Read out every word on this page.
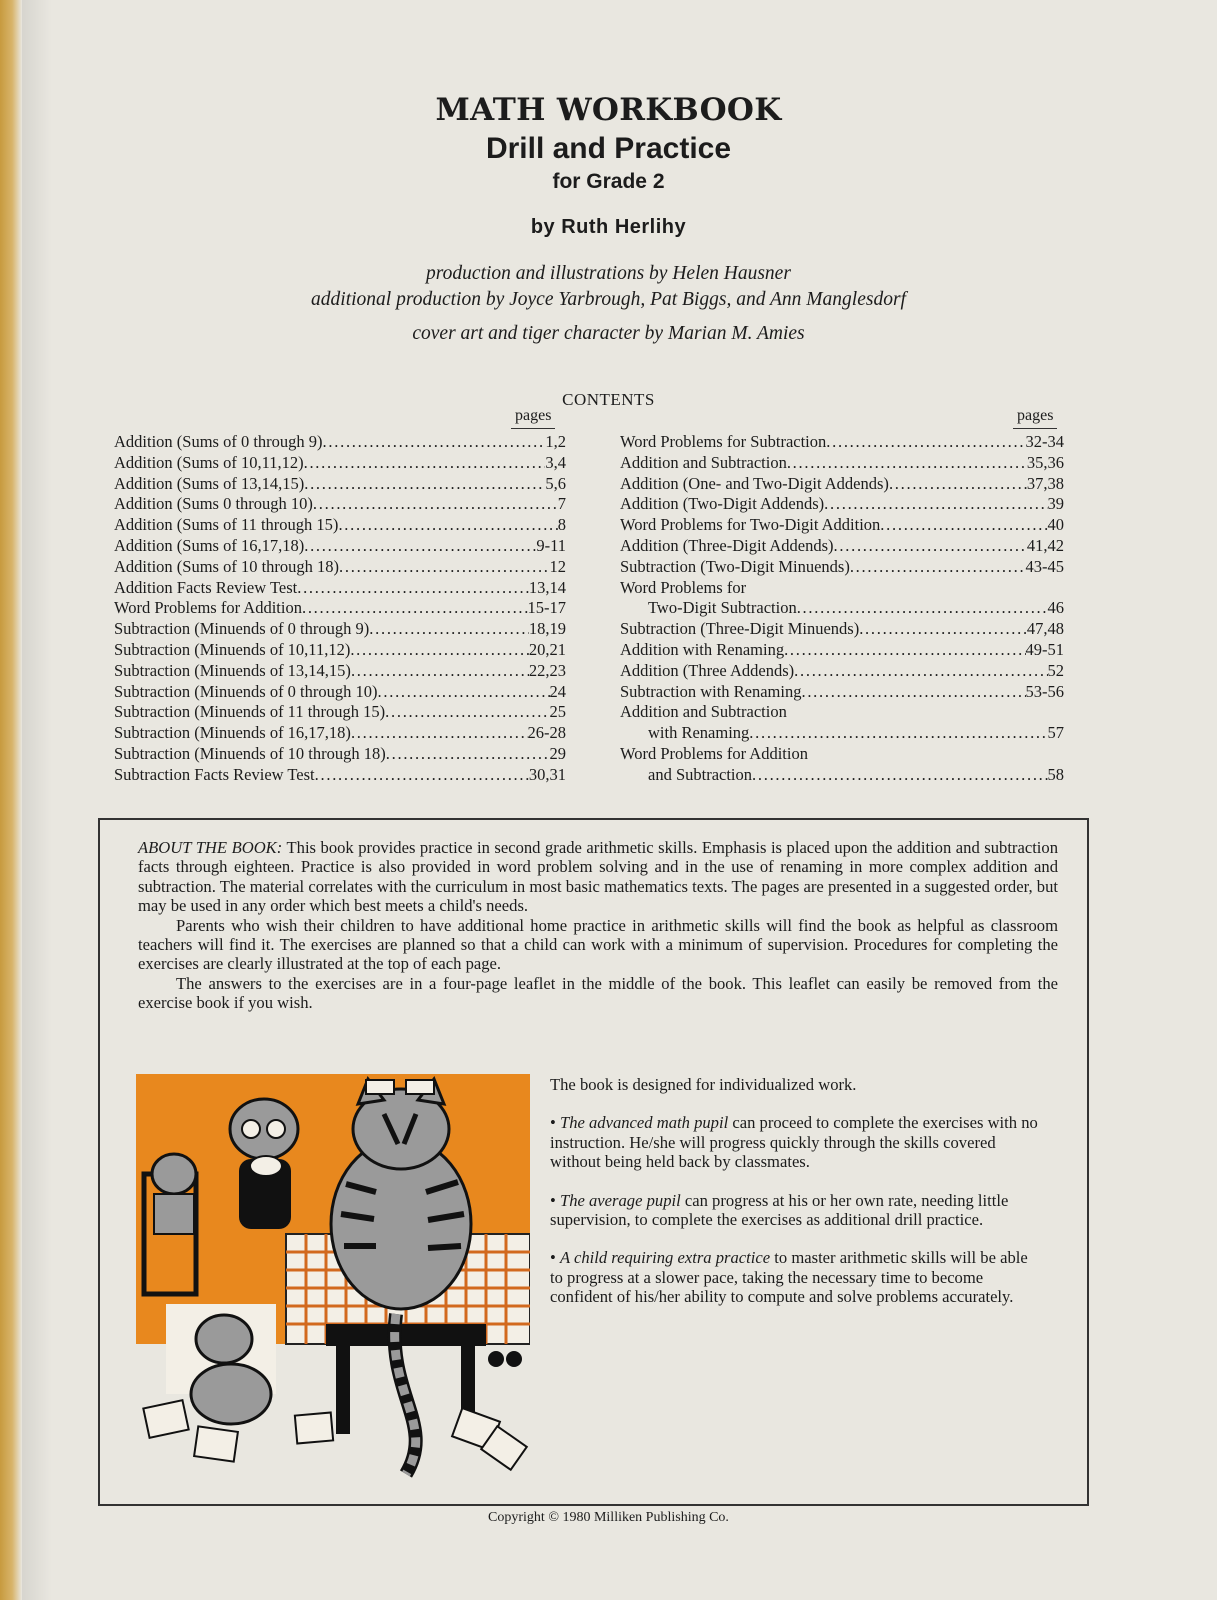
MATH WORKBOOK
Drill and Practice
for Grade 2
by Ruth Herlihy
production and illustrations by Helen Hausner
additional production by Joyce Yarbrough, Pat Biggs, and Ann Manglesdorf
cover art and tiger character by Marian M. Amies
CONTENTS
pages
Addition (Sums of 0 through 9) . . .	1,2
Addition (Sums of 10,11,12) . . .	3,4
Addition (Sums of 13,14,15) . . .	5,6
Addition (Sums 0 through 10) . . .	7
Addition (Sums of 11 through 15) . . .	8
Addition (Sums of 16,17,18) . . .	9-11
Addition (Sums of 10 through 18) . . .	12
Addition Facts Review Test . . .	13,14
Word Problems for Addition . . .	15-17
Subtraction (Minuends of 0 through 9) . . .	18,19
Subtraction (Minuends of 10,11,12) . . .	20,21
Subtraction (Minuends of 13,14,15) . . .	22,23
Subtraction (Minuends of 0 through 10) . . .	24
Subtraction (Minuends of 11 through 15) . . .	25
Subtraction (Minuends of 16,17,18) . . .	26-28
Subtraction (Minuends of 10 through 18) . . .	29
Subtraction Facts Review Test . . .	30,31
pages
Word Problems for Subtraction . . .	32-34
Addition and Subtraction . . .	35,36
Addition (One- and Two-Digit Addends) . . .	37,38
Addition (Two-Digit Addends) . . .	39
Word Problems for Two-Digit Addition . . .	40
Addition (Three-Digit Addends) . . .	41,42
Subtraction (Two-Digit Minuends) . . .	43-45
Word Problems for
Two-Digit Subtraction . . .	46
Subtraction (Three-Digit Minuends) . . .	47,48
Addition with Renaming . . .	49-51
Addition (Three Addends) . . .	52
Subtraction with Renaming . . .	53-56
Addition and Subtraction
with Renaming . . .	57
Word Problems for Addition
and Subtraction . . .	58

ABOUT THE BOOK: This book provides practice in second grade arithmetic skills. Emphasis is placed upon the addition and subtraction facts through eighteen. Practice is also provided in word problem solving and in the use of renaming in more complex addition and subtraction. The material correlates with the curriculum in most basic mathematics texts. The pages are presented in a suggested order, but may be used in any order which best meets a child's needs.

Parents who wish their children to have additional home practice in arithmetic skills will find the book as helpful as classroom teachers will find it. The exercises are planned so that a child can work with a minimum of supervision. Procedures for completing the exercises are clearly illustrated at the top of each page.

The answers to the exercises are in a four-page leaflet in the middle of the book. This leaflet can easily be removed from the exercise book if you wish.

The book is designed for individualized work.

• The advanced math pupil can proceed to complete the exercises with no instruction. He/she will progress quickly through the skills covered without being held back by classmates.

• The average pupil can progress at his or her own rate, needing little supervision, to complete the exercises as additional drill practice.

• A child requiring extra practice to master arithmetic skills will be able to progress at a slower pace, taking the necessary time to become confident of his/her ability to compute and solve problems accurately.

Copyright © 1980 Milliken Publishing Co.
